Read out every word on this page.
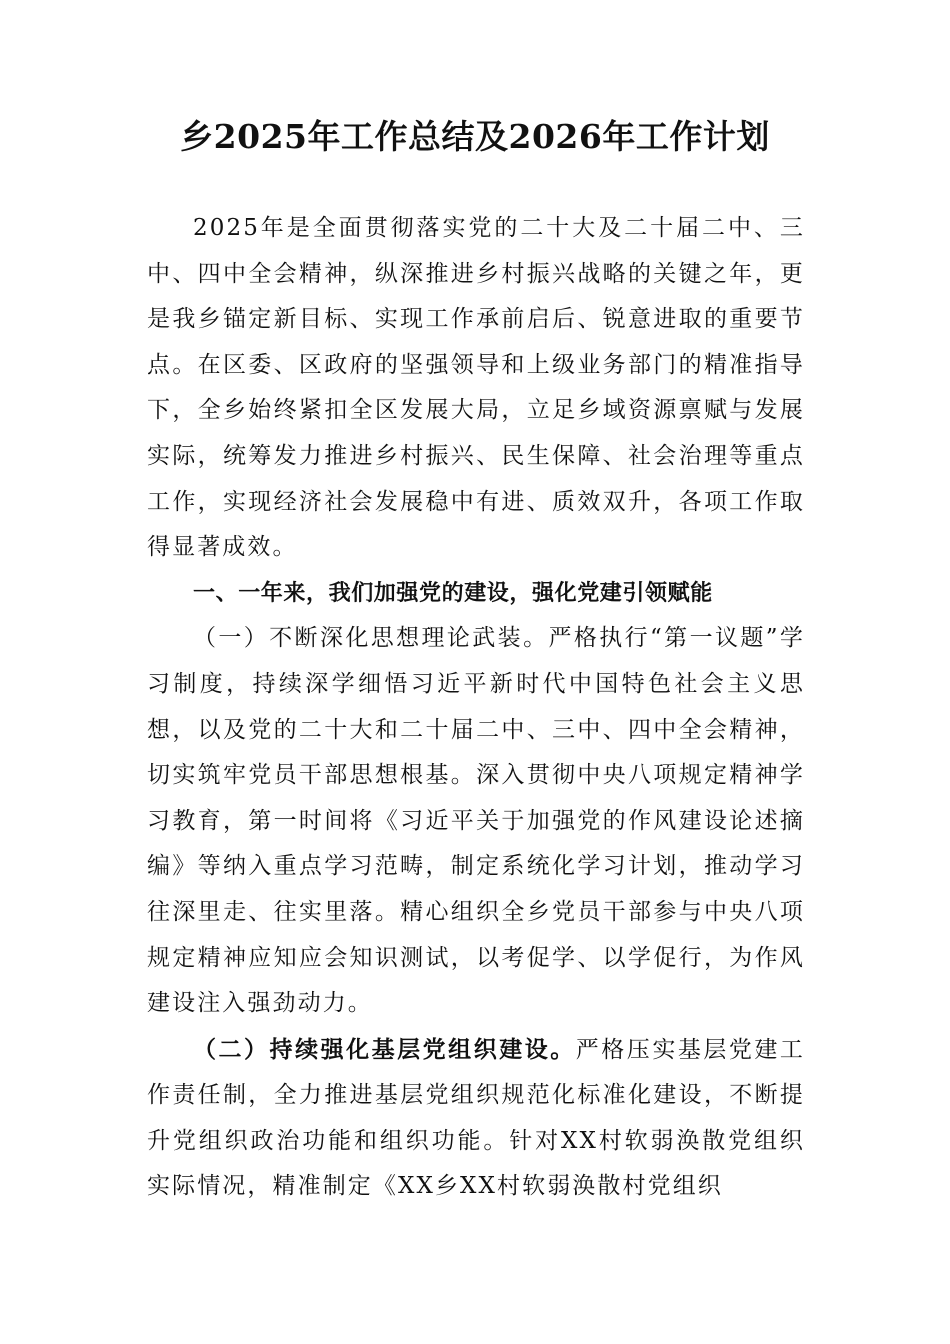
乡2025年工作总结及2026年工作计划

2025年是全面贯彻落实党的二十大及二十届二中、三中、四中全会精神，纵深推进乡村振兴战略的关键之年，更是我乡锚定新目标、实现工作承前启后、锐意进取的重要节点。在区委、区政府的坚强领导和上级业务部门的精准指导下，全乡始终紧扣全区发展大局，立足乡域资源禀赋与发展实际，统筹发力推进乡村振兴、民生保障、社会治理等重点工作，实现经济社会发展稳中有进、质效双升，各项工作取得显著成效。

一、一年来，我们加强党的建设，强化党建引领赋能

（一）不断深化思想理论武装。严格执行“第一议题”学习制度，持续深学细悟习近平新时代中国特色社会主义思想，以及党的二十大和二十届二中、三中、四中全会精神，切实筑牢党员干部思想根基。深入贯彻中央八项规定精神学习教育，第一时间将《习近平关于加强党的作风建设论述摘编》等纳入重点学习范畴，制定系统化学习计划，推动学习往深里走、往实里落。精心组织全乡党员干部参与中央八项规定精神应知应会知识测试，以考促学、以学促行，为作风建设注入强劲动力。

（二）持续强化基层党组织建设。严格压实基层党建工作责任制，全力推进基层党组织规范化标准化建设，不断提升党组织政治功能和组织功能。针对XX村软弱涣散党组织实际情况，精准制定《XX乡XX村软弱涣散村党组织
